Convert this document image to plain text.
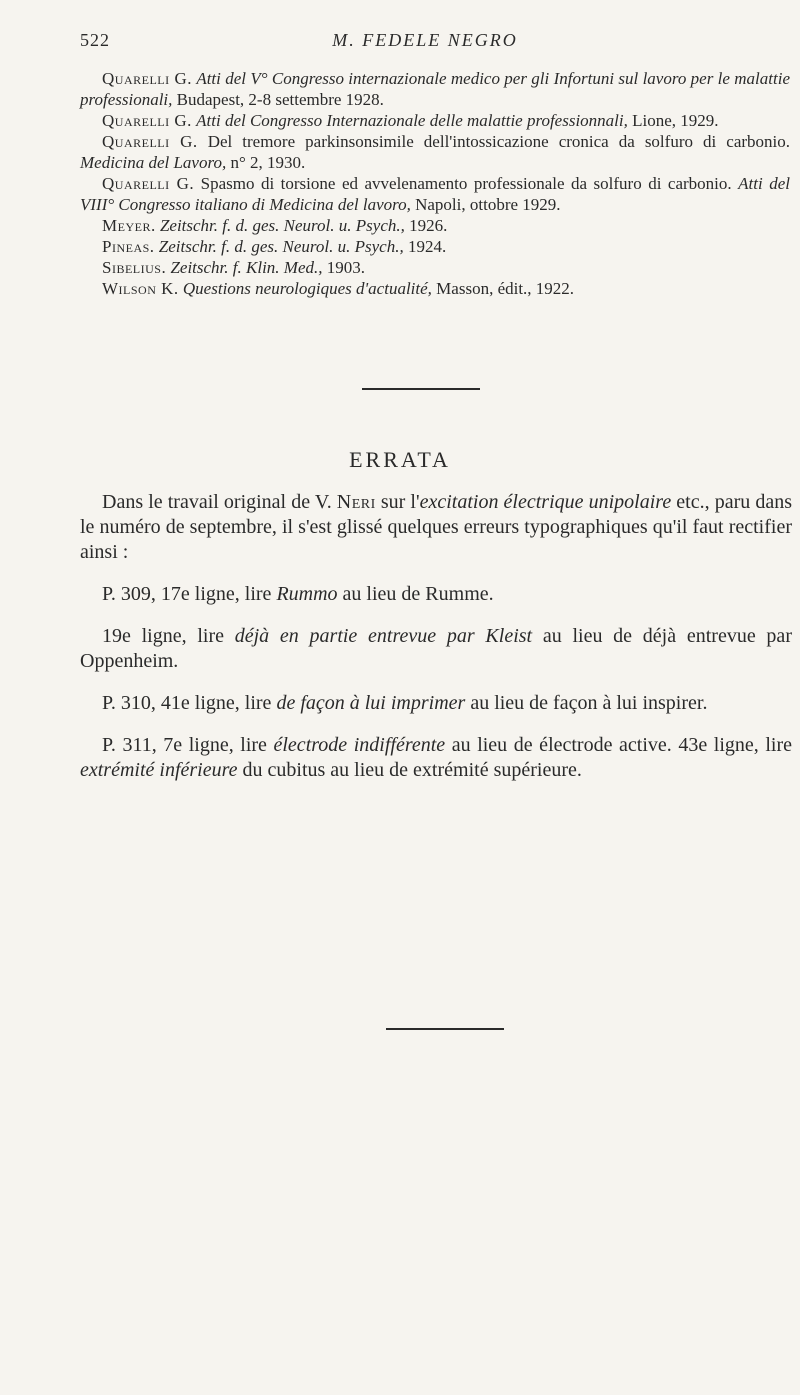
522	M. FEDELE NEGRO

Quarelli G. Atti del V° Congresso internazionale medico per gli Infortuni sul lavoro per le malattie professionali, Budapest, 2-8 settembre 1928.

Quarelli G. Atti del Congresso Internazionale delle malattie professionnali, Lione, 1929.

Quarelli G. Del tremore parkinsonsimile dell'intossicazione cronica da solfuro di carbonio. Medicina del Lavoro, n° 2, 1930.

Quarelli G. Spasmo di torsione ed avvelenamento professionale da solfuro di carbonio. Atti del VIII° Congresso italiano di Medicina del lavoro, Napoli, ottobre 1929.

Meyer. Zeitschr. f. d. ges. Neurol. u. Psych., 1926.

Pineas. Zeitschr. f. d. ges. Neurol. u. Psych., 1924.

Sibelius. Zeitschr. f. Klin. Med., 1903.

Wilson K. Questions neurologiques d'actualité, Masson, édit., 1922.

ERRATA

Dans le travail original de V. Neri sur l'excitation électrique unipolaire etc., paru dans le numéro de septembre, il s'est glissé quelques erreurs typographiques qu'il faut rectifier ainsi :

P. 309, 17e ligne, lire Rummo au lieu de Rumme.

19e ligne, lire déjà en partie entrevue par Kleist au lieu de déjà entrevue par Oppenheim.

P. 310, 41e ligne, lire de façon à lui imprimer au lieu de façon à lui inspirer.

P. 311, 7e ligne, lire électrode indifférente au lieu de électrode active. 43e ligne, lire extrémité inférieure du cubitus au lieu de extrémité supérieure.
